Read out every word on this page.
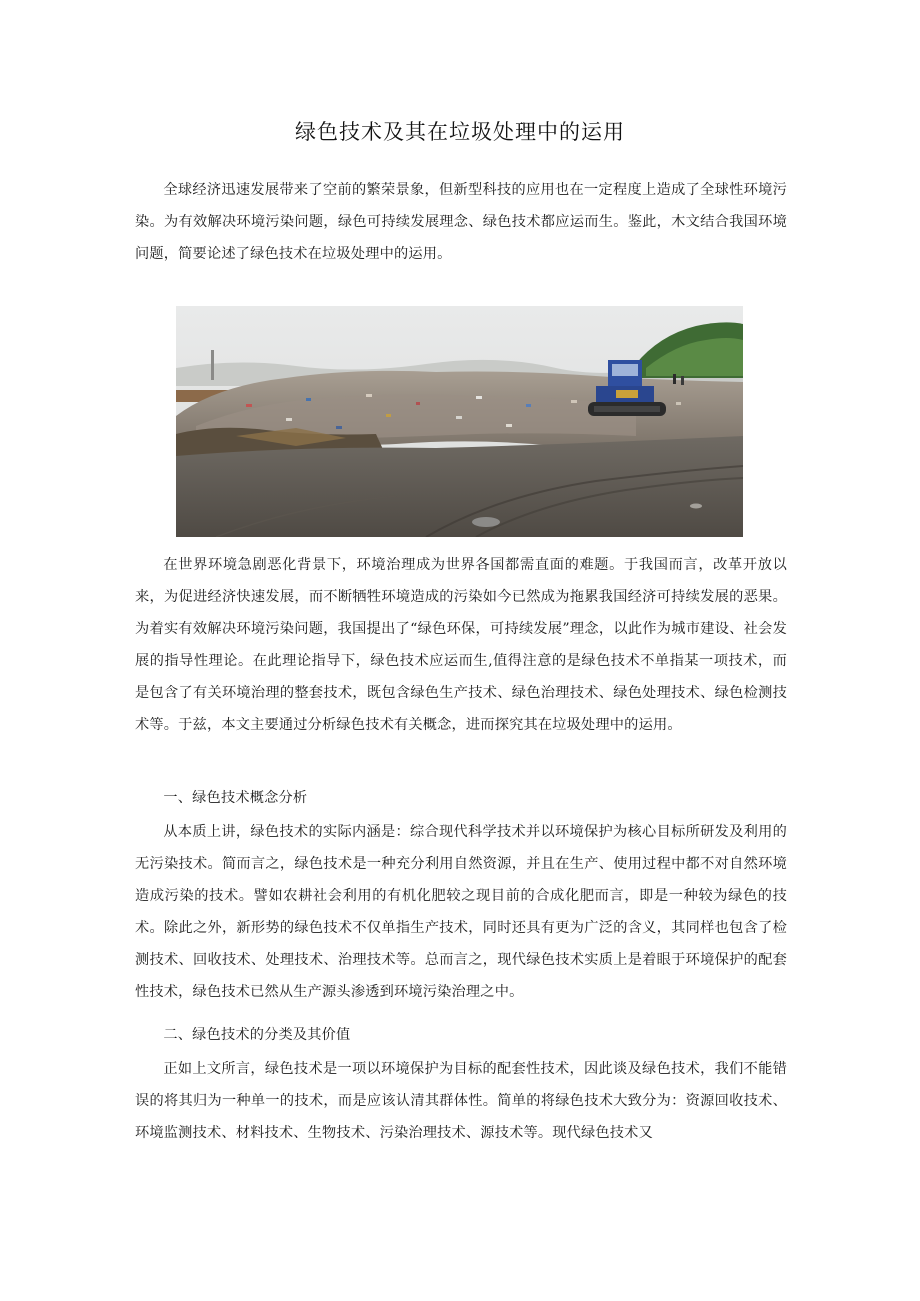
绿色技术及其在垃圾处理中的运用

全球经济迅速发展带来了空前的繁荣景象，但新型科技的应用也在一定程度上造成了全球性环境污染。为有效解决环境污染问题，绿色可持续发展理念、绿色技术都应运而生。鉴此，木文结合我国环境问题，简要论述了绿色技术在垃圾处理中的运用。

在世界环境急剧恶化背景下，环境治理成为世界各国都需直面的难题。于我国而言，改革开放以来，为促进经济快速发展，而不断牺牲环境造成的污染如今已然成为拖累我国经济可持续发展的恶果。为着实有效解决环境污染问题，我国提出了“绿色环保，可持续发展”理念，以此作为城市建设、社会发展的指导性理论。在此理论指导下，绿色技术应运而生,值得注意的是绿色技术不单指某一项技术，而是包含了有关环境治理的整套技术，既包含绿色生产技术、绿色治理技术、绿色处理技术、绿色检测技术等。于兹，本文主要通过分析绿色技术有关概念，进而探究其在垃圾处理中的运用。

一、绿色技术概念分析

从本质上讲，绿色技术的实际内涵是：综合现代科学技术并以环境保护为核心目标所研发及利用的无污染技术。简而言之，绿色技术是一种充分利用自然资源，并且在生产、使用过程中都不对自然环境造成污染的技术。譬如农耕社会利用的有机化肥较之现目前的合成化肥而言，即是一种较为绿色的技术。除此之外，新形势的绿色技术不仅单指生产技术，同时还具有更为广泛的含义，其同样也包含了检测技术、回收技术、处理技术、治理技术等。总而言之，现代绿色技术实质上是着眼于环境保护的配套性技术，绿色技术已然从生产源头渗透到环境污染治理之中。

二、绿色技术的分类及其价值

正如上文所言，绿色技术是一项以环境保护为目标的配套性技术，因此谈及绿色技术，我们不能错误的将其归为一种单一的技术，而是应该认清其群体性。简单的将绿色技术大致分为：资源回收技术、环境监测技术、材料技术、生物技术、污染治理技术、源技术等。现代绿色技术又
